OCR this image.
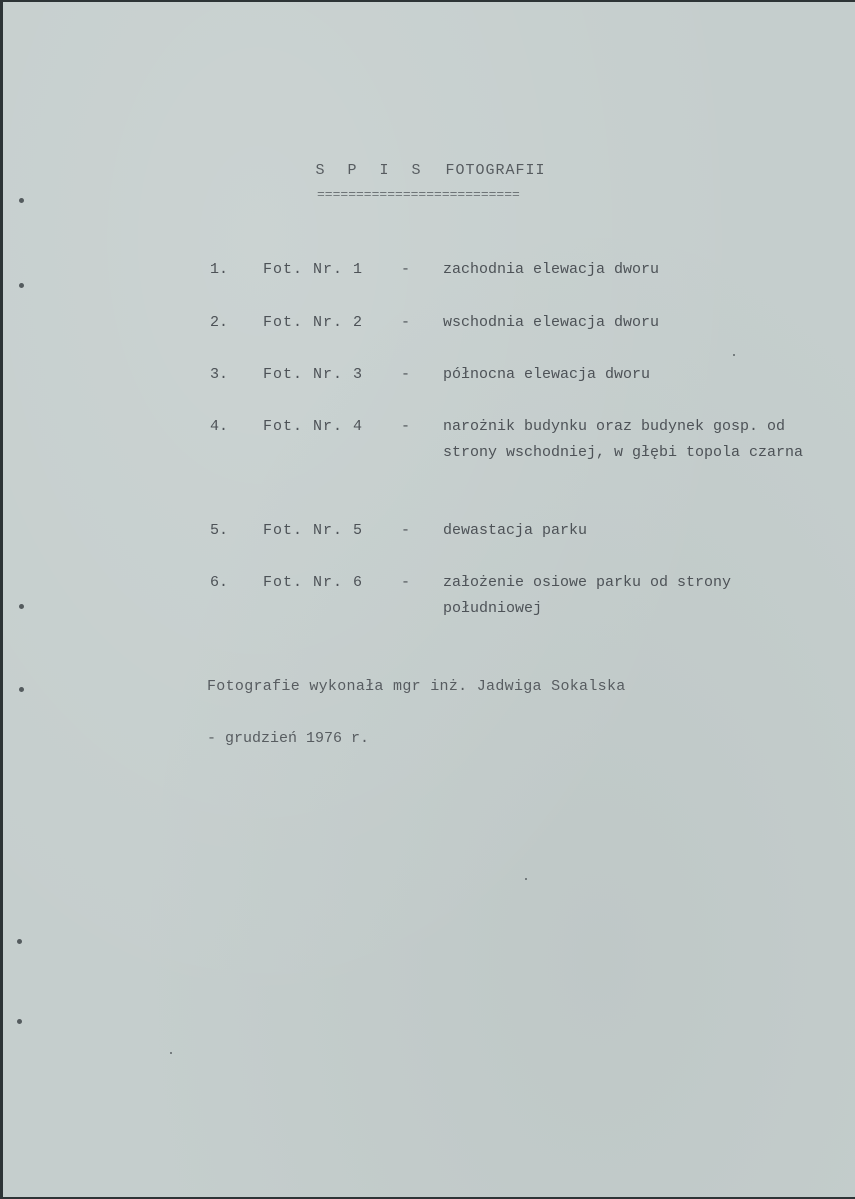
S P I S FOTOGRAFII
==========================
1. Fot. Nr. 1	- zachodnia elewacja dworu
2. Fot. Nr. 2	- wschodnia elewacja dworu
3. Fot. Nr. 3	- północna elewacja dworu
4. Fot. Nr. 4	- narożnik budynku oraz budynek gosp. od strony wschodniej, w głębi topola czarna
5. Fot. Nr. 5	- dewastacja parku
6. Fot. Nr. 6	- założenie osiowe parku od strony południowej
Fotografie wykonała mgr inż. Jadwiga Sokalska
- grudzień 1976 r.
